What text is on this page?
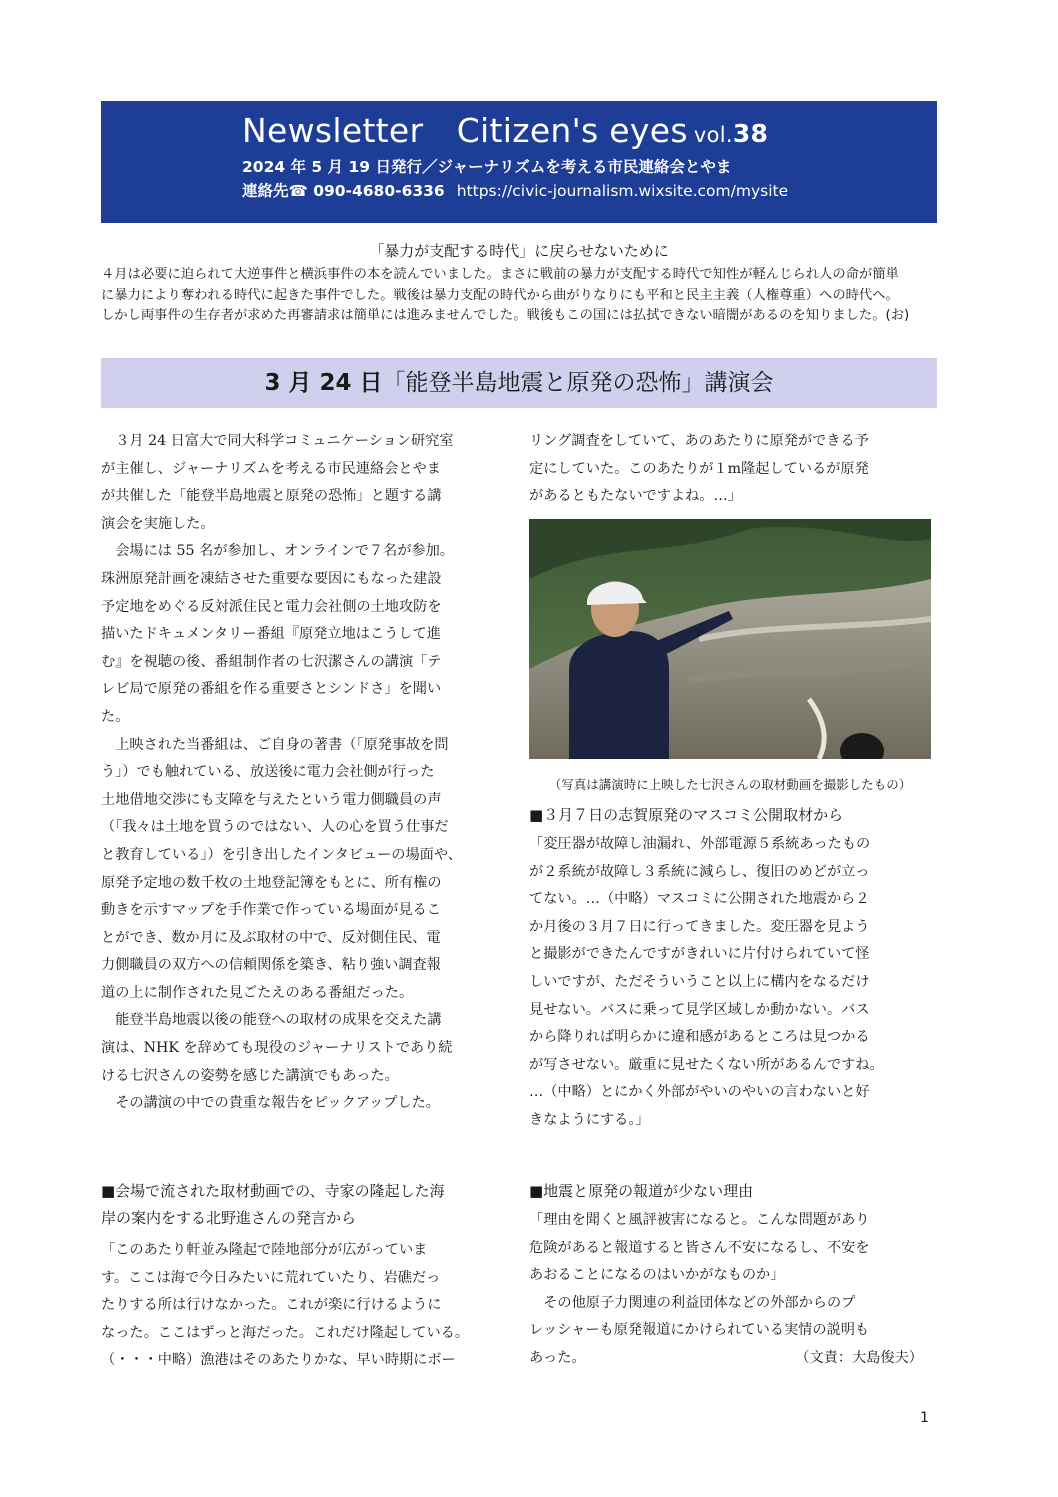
Newsletter　Citizen's eyes vol.38
2024 年 5 月 19 日発行／ジャーナリズムを考える市民連絡会とやま
連絡先☎ 090-4680-6336 https://civic-journalism.wixsite.com/mysite
「暴力が支配する時代」に戻らせないために
４月は必要に迫られて大逆事件と横浜事件の本を読んでいました。まさに戦前の暴力が支配する時代で知性が軽んじられ人の命が簡単
に暴力により奪われる時代に起きた事件でした。戦後は暴力支配の時代から曲がりなりにも平和と民主主義（人権尊重）への時代へ。
しかし両事件の生存者が求めた再審請求は簡単には進みませんでした。戦後もこの国には払拭できない暗闇があるのを知りました。(お)
3 月 24 日「能登半島地震と原発の恐怖」講演会
　３月 24 日富大で同大科学コミュニケーション研究室
が主催し、ジャーナリズムを考える市民連絡会とやま
が共催した「能登半島地震と原発の恐怖」と題する講
演会を実施した。
　会場には 55 名が参加し、オンラインで７名が参加。
珠洲原発計画を凍結させた重要な要因にもなった建設
予定地をめぐる反対派住民と電力会社側の土地攻防を
描いたドキュメンタリー番組『原発立地はこうして進
む』を視聴の後、番組制作者の七沢潔さんの講演「テ
レビ局で原発の番組を作る重要さとシンドさ」を聞い
た。
　上映された当番組は、ご自身の著書（「原発事故を問
う」）でも触れている、放送後に電力会社側が行った
土地借地交渉にも支障を与えたという電力側職員の声
（「我々は土地を買うのではない、人の心を買う仕事だ
と教育している」）を引き出したインタビューの場面や、
原発予定地の数千枚の土地登記簿をもとに、所有権の
動きを示すマップを手作業で作っている場面が見るこ
とができ、数か月に及ぶ取材の中で、反対側住民、電
力側職員の双方への信頼関係を築き、粘り強い調査報
道の上に制作された見ごたえのある番組だった。
　能登半島地震以後の能登への取材の成果を交えた講
演は、NHK を辞めても現役のジャーナリストであり続
ける七沢さんの姿勢を感じた講演でもあった。
　その講演の中での貴重な報告をピックアップした。
■会場で流された取材動画での、寺家の隆起した海
岸の案内をする北野進さんの発言から
「このあたり軒並み隆起で陸地部分が広がっていま
す。ここは海で今日みたいに荒れていたり、岩礁だっ
たりする所は行けなかった。これが楽に行けるように
なった。ここはずっと海だった。これだけ隆起している。
（・・・中略）漁港はそのあたりかな、早い時期にボー
リング調査をしていて、あのあたりに原発ができる予
定にしていた。このあたりが１m隆起しているが原発
があるともたないですよね。…」
（写真は講演時に上映した七沢さんの取材動画を撮影したもの）
■３月７日の志賀原発のマスコミ公開取材から
「変圧器が故障し油漏れ、外部電源５系統あったもの
が２系統が故障し３系統に減らし、復旧のめどが立っ
てない。…（中略）マスコミに公開された地震から２
か月後の３月７日に行ってきました。変圧器を見よう
と撮影ができたんですがきれいに片付けられていて怪
しいですが、ただそういうこと以上に構内をなるだけ
見せない。バスに乗って見学区域しか動かない。バス
から降りれば明らかに違和感があるところは見つかる
が写させない。厳重に見せたくない所があるんですね。
…（中略）とにかく外部がやいのやいの言わないと好
きなようにする。」
■地震と原発の報道が少ない理由
「理由を聞くと風評被害になると。こんな問題があり
危険があると報道すると皆さん不安になるし、不安を
あおることになるのはいかがなものか」
　その他原子力関連の利益団体などの外部からのプ
レッシャーも原発報道にかけられている実情の説明も
あった。	（文責：大島俊夫）
1
